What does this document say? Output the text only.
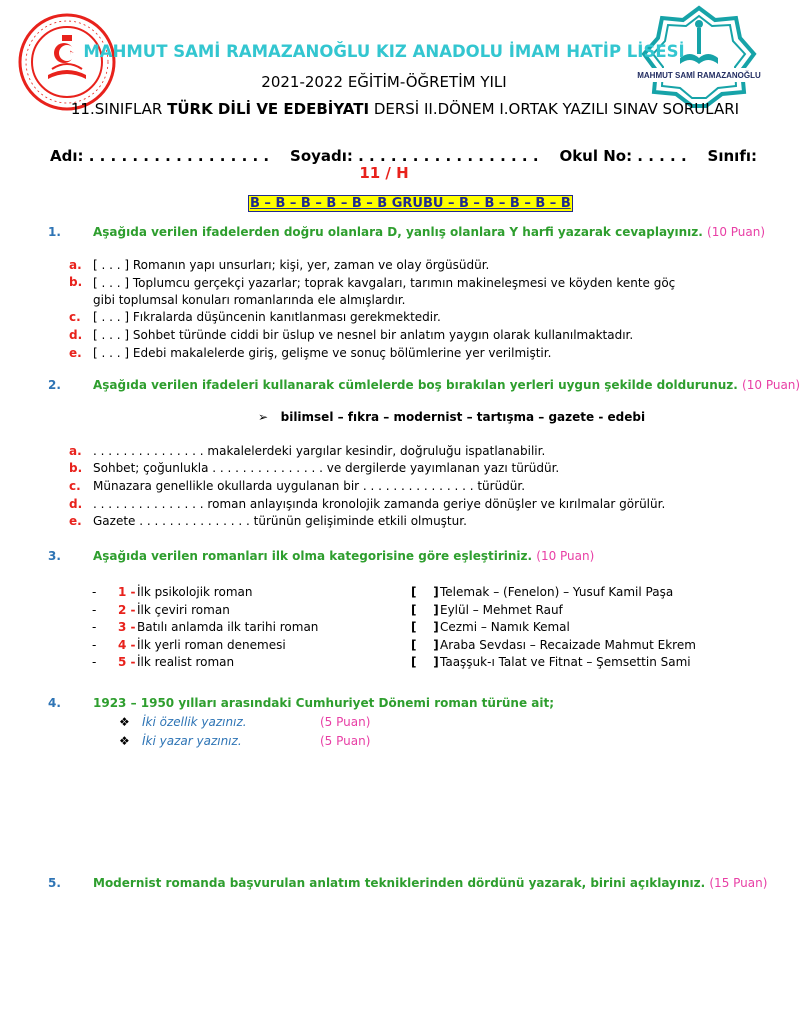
MAHMUT SAMİ RAMAZANOĞLU
MAHMUT SAMİ RAMAZANOĞLU KIZ ANADOLU İMAM HATİP LİSESİ
2021-2022 EĞİTİM-ÖĞRETİM YILI
11.SINIFLAR TÜRK DİLİ VE EDEBİYATI DERSİ II.DÖNEM I.ORTAK YAZILI SINAV SORULARI
Adı: . . . . . . . . . . . . . . . . .    Soyadı: . . . . . . . . . . . . . . . . .    Okul No: . . . . .    Sınıfı:
11 / H
B – B – B – B – B – B GRUBU – B – B – B – B – B
1.	Aşağıda verilen ifadelerden doğru olanlara D, yanlış olanlara Y harfi yazarak cevaplayınız. (10 Puan)
a. [ . . . ] Romanın yapı unsurları; kişi, yer, zaman ve olay örgüsüdür.
b. [ . . . ] Toplumcu gerçekçi yazarlar; toprak kavgaları, tarımın makineleşmesi ve köyden kente göç gibi toplumsal konuları romanlarında ele almışlardır.
c. [ . . . ] Fıkralarda düşüncenin kanıtlanması gerekmektedir.
d. [ . . . ] Sohbet türünde ciddi bir üslup ve nesnel bir anlatım yaygın olarak kullanılmaktadır.
e. [ . . . ] Edebi makalelerde giriş, gelişme ve sonuç bölümlerine yer verilmiştir.
2.	Aşağıda verilen ifadeleri kullanarak cümlelerde boş bırakılan yerleri uygun şekilde doldurunuz. (10 Puan)
➢ bilimsel – fıkra – modernist – tartışma – gazete - edebi
a. . . . . . . . . . . . . . . . makalelerdeki yargılar kesindir, doğruluğu ispatlanabilir.
b. Sohbet; çoğunlukla . . . . . . . . . . . . . . . ve dergilerde yayımlanan yazı türüdür.
c. Münazara genellikle okullarda uygulanan bir . . . . . . . . . . . . . . . türüdür.
d. . . . . . . . . . . . . . . . roman anlayışında kronolojik zamanda geriye dönüşler ve kırılmalar görülür.
e. Gazete . . . . . . . . . . . . . . . türünün gelişiminde etkili olmuştur.
3.	Aşağıda verilen romanları ilk olma kategorisine göre eşleştiriniz. (10 Puan)
- 1 - İlk psikolojik roman	[    ] Telemak – (Fenelon) – Yusuf Kamil Paşa
- 2 - İlk çeviri roman	[    ] Eylül – Mehmet Rauf
- 3 - Batılı anlamda ilk tarihi roman	[    ] Cezmi – Namık Kemal
- 4 - İlk yerli roman denemesi	[    ] Araba Sevdası – Recaizade Mahmut Ekrem
- 5 - İlk realist roman	[    ] Taaşşuk-ı Talat ve Fitnat – Şemsettin Sami
4.	1923 – 1950 yılları arasındaki Cumhuriyet Dönemi roman türüne ait;
❖ İki özellik yazınız.	(5 Puan)
❖ İki yazar yazınız.	(5 Puan)
5.	Modernist romanda başvurulan anlatım tekniklerinden dördünü yazarak, birini açıklayınız. (15 Puan)
